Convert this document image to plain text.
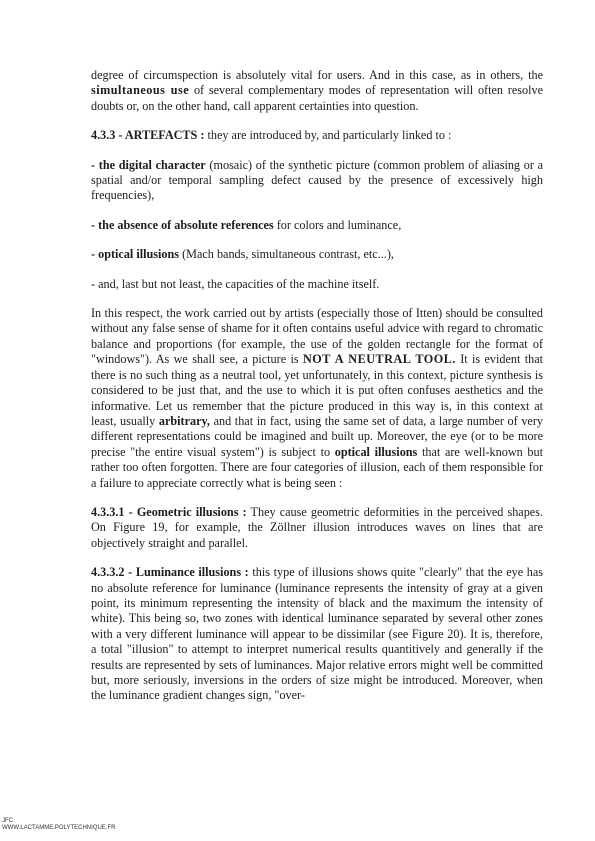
degree of circumspection is absolutely vital for users. And in this case, as in others, the simultaneous use of several complementary modes of representation will often resolve doubts or, on the other hand, call apparent certainties into question.

4.3.3 - ARTEFACTS : they are introduced by, and particularly linked to :

- the digital character (mosaic) of the synthetic picture (common problem of aliasing or a spatial and/or temporal sampling defect caused by the presence of excessively high frequencies),

- the absence of absolute references for colors and luminance,

- optical illusions (Mach bands, simultaneous contrast, etc...),

- and, last but not least, the capacities of the machine itself.

In this respect, the work carried out by artists (especially those of Itten) should be consulted without any false sense of shame for it often contains useful advice with regard to chromatic balance and proportions (for example, the use of the golden rectangle for the format of "windows"). As we shall see, a picture is NOT A NEUTRAL TOOL. It is evident that there is no such thing as a neutral tool, yet unfortunately, in this context, picture synthesis is considered to be just that, and the use to which it is put often confuses aesthetics and the informative. Let us remember that the picture produced in this way is, in this context at least, usually arbitrary, and that in fact, using the same set of data, a large number of very different representations could be imagined and built up. Moreover, the eye (or to be more precise "the entire visual system") is subject to optical illusions that are well-known but rather too often forgotten. There are four categories of illusion, each of them responsible for a failure to appreciate correctly what is being seen :

4.3.3.1 - Geometric illusions : They cause geometric deformities in the perceived shapes. On Figure 19, for example, the Zöllner illusion introduces waves on lines that are objectively straight and parallel.

4.3.3.2 - Luminance illusions : this type of illusions shows quite "clearly" that the eye has no absolute reference for luminance (luminance represents the intensity of gray at a given point, its minimum representing the intensity of black and the maximum the intensity of white). This being so, two zones with identical luminance separated by several other zones with a very different luminance will appear to be dissimilar (see Figure 20). It is, therefore, a total "illusion" to attempt to interpret numerical results quantitively and generally if the results are represented by sets of luminances. Major relative errors might well be committed but, more seriously, inversions in the orders of size might be introduced. Moreover, when the luminance gradient changes sign, "over-

JFC
WWW.LACTAMME.POLYTECHNIQUE.FR
